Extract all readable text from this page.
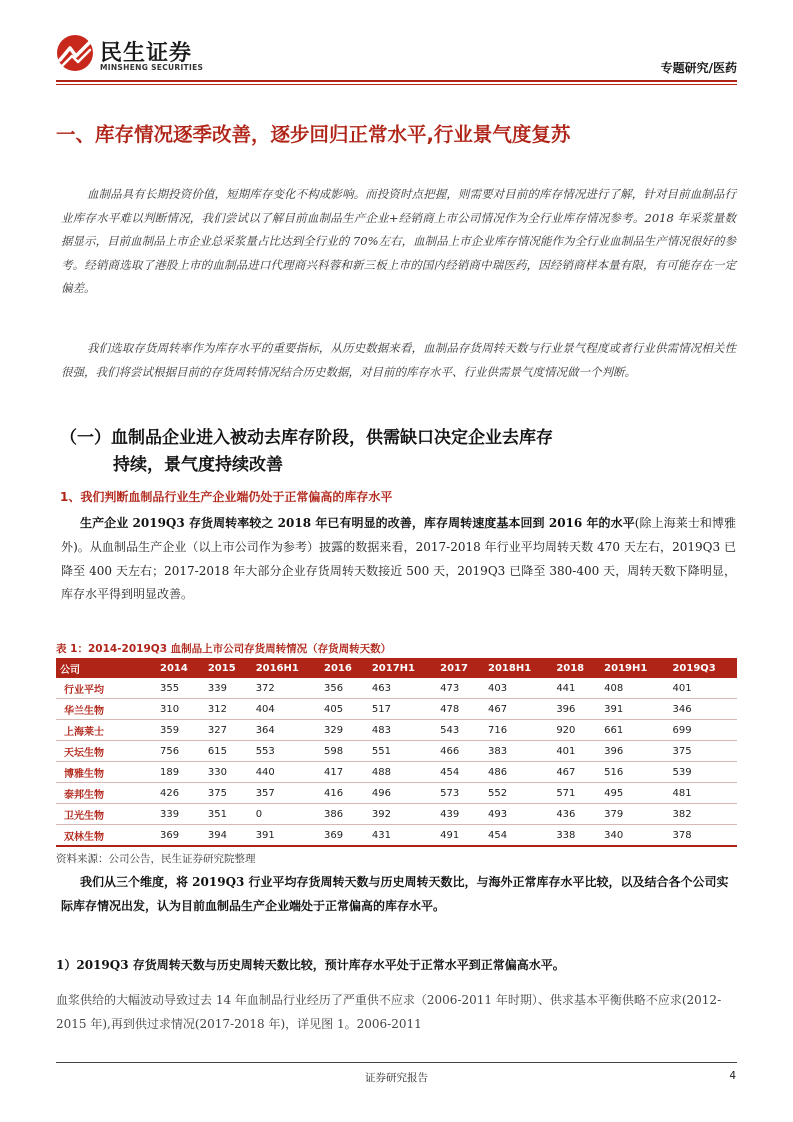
民生证券
MINSHENG SECURITIES	专题研究/医药
一、库存情况逐季改善，逐步回归正常水平,行业景气度复苏

血制品具有长期投资价值，短期库存变化不构成影响。而投资时点把握，则需要对目前的库存情况进行了解，针对目前血制品行业库存水平难以判断情况，我们尝试以了解目前血制品生产企业+经销商上市公司情况作为全行业库存情况参考。2018 年采浆量数据显示，目前血制品上市企业总采浆量占比达到全行业的 70%左右，血制品上市企业库存情况能作为全行业血制品生产情况很好的参考。经销商选取了港股上市的血制品进口代理商兴科蓉和新三板上市的国内经销商中瑞医药，因经销商样本量有限，有可能存在一定偏差。

我们选取存货周转率作为库存水平的重要指标，从历史数据来看，血制品存货周转天数与行业景气程度或者行业供需情况相关性很强，我们将尝试根据目前的存货周转情况结合历史数据，对目前的库存水平、行业供需景气度情况做一个判断。

（一）血制品企业进入被动去库存阶段，供需缺口决定企业去库存
持续，景气度持续改善
1、我们判断血制品行业生产企业端仍处于正常偏高的库存水平
生产企业 2019Q3 存货周转率较之 2018 年已有明显的改善，库存周转速度基本回到 2016 年的水平(除上海莱士和博雅外)。从血制品生产企业（以上市公司作为参考）披露的数据来看，2017-2018 年行业平均周转天数 470 天左右，2019Q3 已降至 400 天左右；2017-2018 年大部分企业存货周转天数接近 500 天，2019Q3 已降至 380-400 天，周转天数下降明显，库存水平得到明显改善。
表 1：2014-2019Q3 血制品上市公司存货周转情况（存货周转天数）
公司	2014	2015	2016H1	2016	2017H1	2017	2018H1	2018	2019H1	2019Q3
行业平均	355	339	372	356	463	473	403	441	408	401
华兰生物	310	312	404	405	517	478	467	396	391	346
上海莱士	359	327	364	329	483	543	716	920	661	699
天坛生物	756	615	553	598	551	466	383	401	396	375
博雅生物	189	330	440	417	488	454	486	467	516	539
泰邦生物	426	375	357	416	496	573	552	571	495	481
卫光生物	339	351	0	386	392	439	493	436	379	382
双林生物	369	394	391	369	431	491	454	338	340	378
资料来源：公司公告，民生证券研究院整理
我们从三个维度，将 2019Q3 行业平均存货周转天数与历史周转天数比，与海外正常库存水平比较，以及结合各个公司实际库存情况出发，认为目前血制品生产企业端处于正常偏高的库存水平。
1）2019Q3 存货周转天数与历史周转天数比较，预计库存水平处于正常水平到正常偏高水平。
血浆供给的大幅波动导致过去 14 年血制品行业经历了严重供不应求（2006-2011 年时期）、供求基本平衡供略不应求(2012-2015 年),再到供过求情况(2017-2018 年)，详见图 1。2006-2011
证券研究报告	4
